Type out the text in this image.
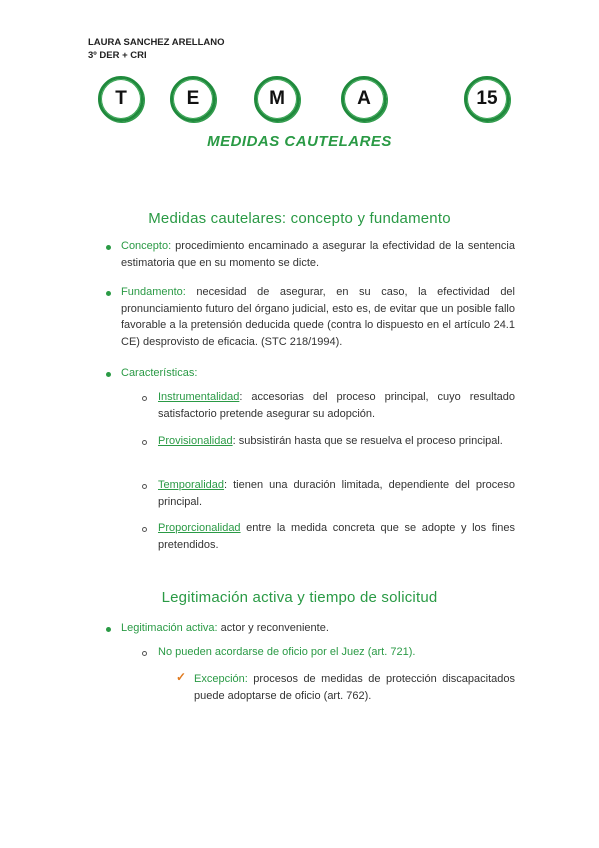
LAURA SANCHEZ ARELLANO
3º DER + CRI
T	E	M	A	15
MEDIDAS CAUTELARES
Medidas cautelares: concepto y fundamento
Concepto: procedimiento encaminado a asegurar la efectividad de la sentencia estimatoria que en su momento se dicte.
Fundamento: necesidad de asegurar, en su caso, la efectividad del pronunciamiento futuro del órgano judicial, esto es, de evitar que un posible fallo favorable a la pretensión deducida quede (contra lo dispuesto en el artículo 24.1 CE) desprovisto de eficacia. (STC 218/1994).
Características:
Instrumentalidad: accesorias del proceso principal, cuyo resultado satisfactorio pretende asegurar su adopción.
Provisionalidad: subsistirán hasta que se resuelva el proceso principal.
Temporalidad: tienen una duración limitada, dependiente del proceso principal.
Proporcionalidad entre la medida concreta que se adopte y los fines pretendidos.
Legitimación activa y tiempo de solicitud
Legitimación activa: actor y reconveniente.
No pueden acordarse de oficio por el Juez (art. 721).
✓ Excepción: procesos de medidas de protección discapacitados puede adoptarse de oficio (art. 762).
